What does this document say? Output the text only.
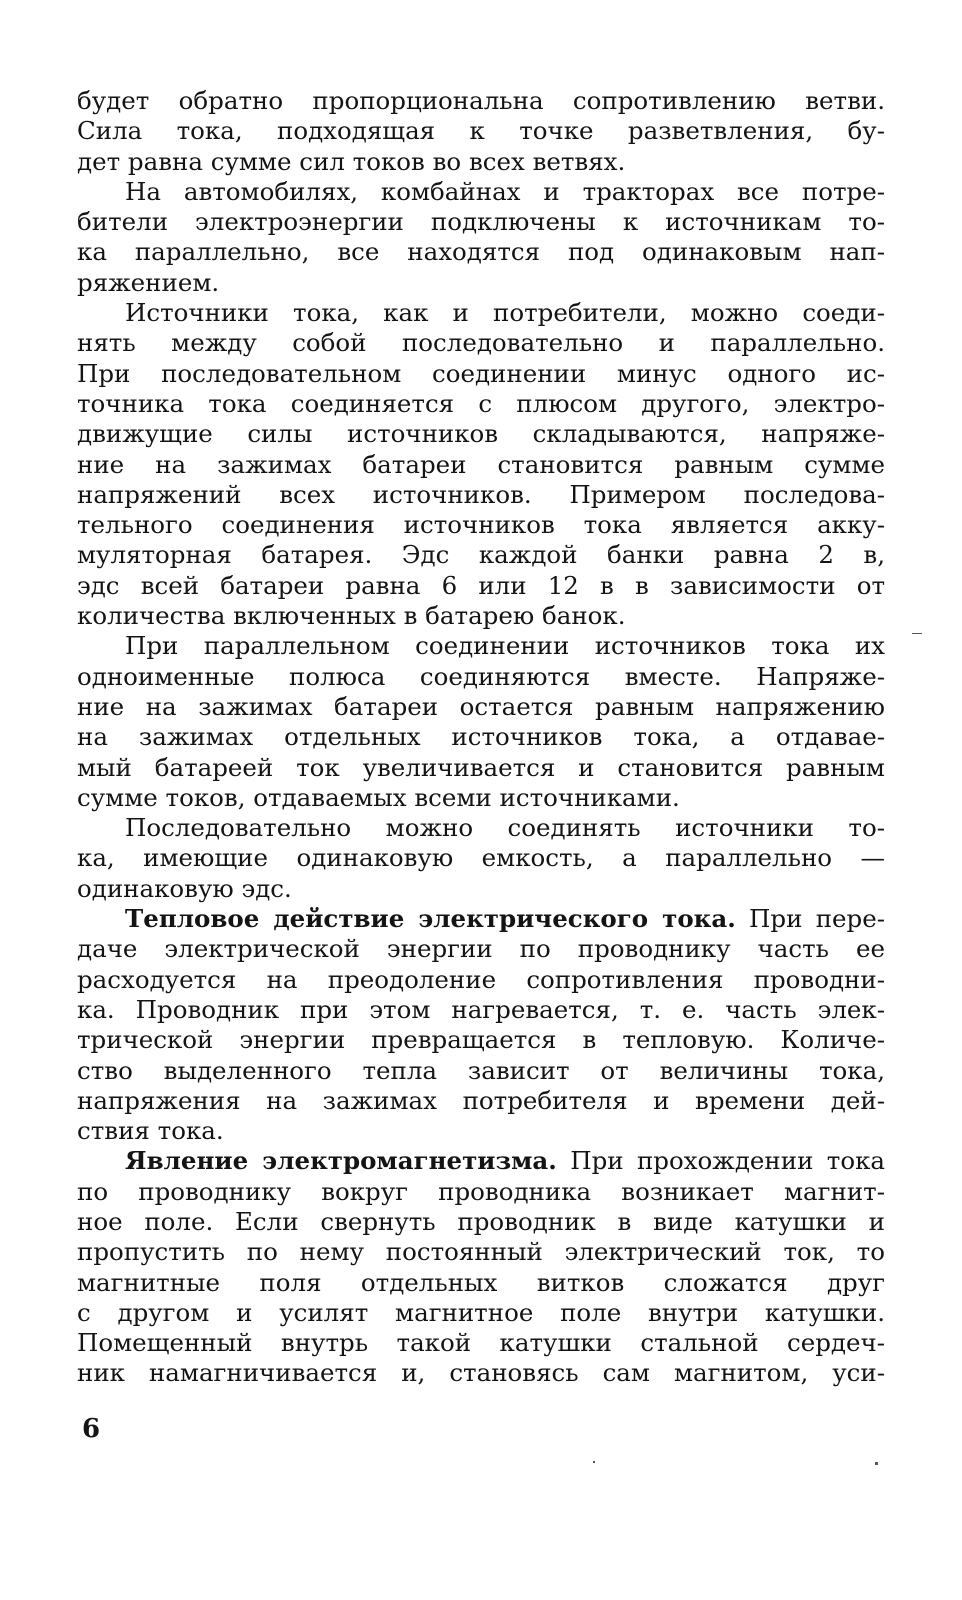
будет обратно пропорциональна сопротивлению ветви.
Сила тока, подходящая к точке разветвления, бу-
дет равна сумме сил токов во всех ветвях.
На автомобилях, комбайнах и тракторах все потре-
бители электроэнергии подключены к источникам то-
ка параллельно, все находятся под одинаковым нап-
ряжением.
Источники тока, как и потребители, можно соеди-
нять между собой последовательно и параллельно.
При последовательном соединении минус одного ис-
точника тока соединяется с плюсом другого, электро-
движущие силы источников складываются, напряже-
ние на зажимах батареи становится равным сумме
напряжений всех источников. Примером последова-
тельного соединения источников тока является акку-
муляторная батарея. Эдс каждой банки равна 2 в,
эдс всей батареи равна 6 или 12 в в зависимости от
количества включенных в батарею банок.
При параллельном соединении источников тока их
одноименные полюса соединяются вместе. Напряже-
ние на зажимах батареи остается равным напряжению
на зажимах отдельных источников тока, а отдавае-
мый батареей ток увеличивается и становится равным
сумме токов, отдаваемых всеми источниками.
Последовательно можно соединять источники то-
ка, имеющие одинаковую емкость, а параллельно —
одинаковую эдс.
Тепловое действие электрического тока. При пере-
даче электрической энергии по проводнику часть ее
расходуется на преодоление сопротивления проводни-
ка. Проводник при этом нагревается, т. е. часть элек-
трической энергии превращается в тепловую. Количе-
ство выделенного тепла зависит от величины тока,
напряжения на зажимах потребителя и времени дей-
ствия тока.
Явление электромагнетизма. При прохождении тока
по проводнику вокруг проводника возникает магнит-
ное поле. Если свернуть проводник в виде катушки и
пропустить по нему постоянный электрический ток, то
магнитные поля отдельных витков сложатся друг
с другом и усилят магнитное поле внутри катушки.
Помещенный внутрь такой катушки стальной сердеч-
ник намагничивается и, становясь сам магнитом, уси-
6
